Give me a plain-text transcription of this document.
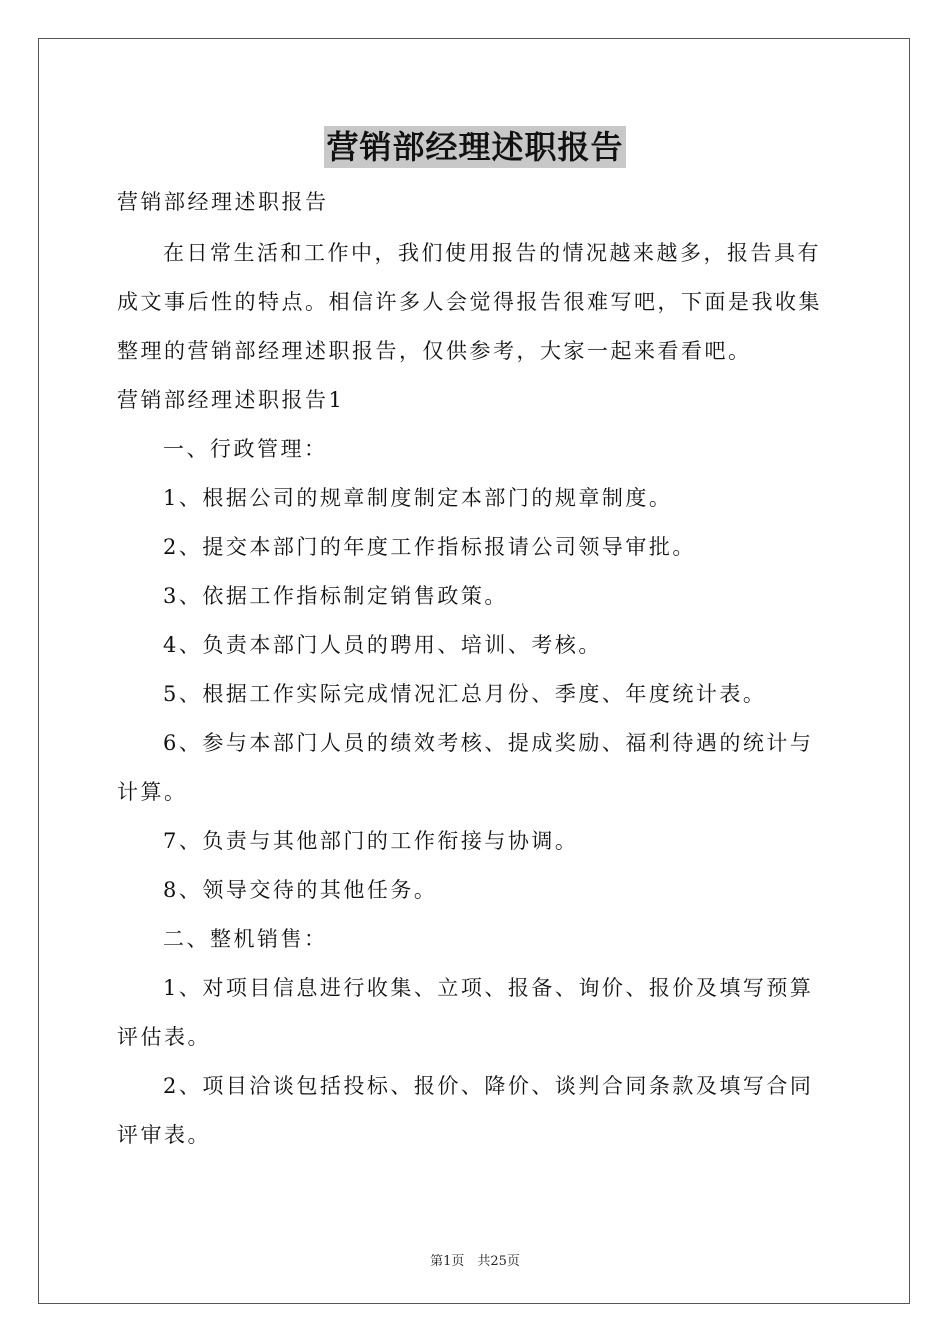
营销部经理述职报告

营销部经理述职报告

在日常生活和工作中，我们使用报告的情况越来越多，报告具有

成文事后性的特点。相信许多人会觉得报告很难写吧，下面是我收集

整理的营销部经理述职报告，仅供参考，大家一起来看看吧。

营销部经理述职报告1

一、行政管理：

1、根据公司的规章制度制定本部门的规章制度。

2、提交本部门的年度工作指标报请公司领导审批。

3、依据工作指标制定销售政策。

4、负责本部门人员的聘用、培训、考核。

5、根据工作实际完成情况汇总月份、季度、年度统计表。

6、参与本部门人员的绩效考核、提成奖励、福利待遇的统计与

计算。

7、负责与其他部门的工作衔接与协调。

8、领导交待的其他任务。

二、整机销售：

1、对项目信息进行收集、立项、报备、询价、报价及填写预算

评估表。

2、项目洽谈包括投标、报价、降价、谈判合同条款及填写合同

评审表。

第1页　共25页
